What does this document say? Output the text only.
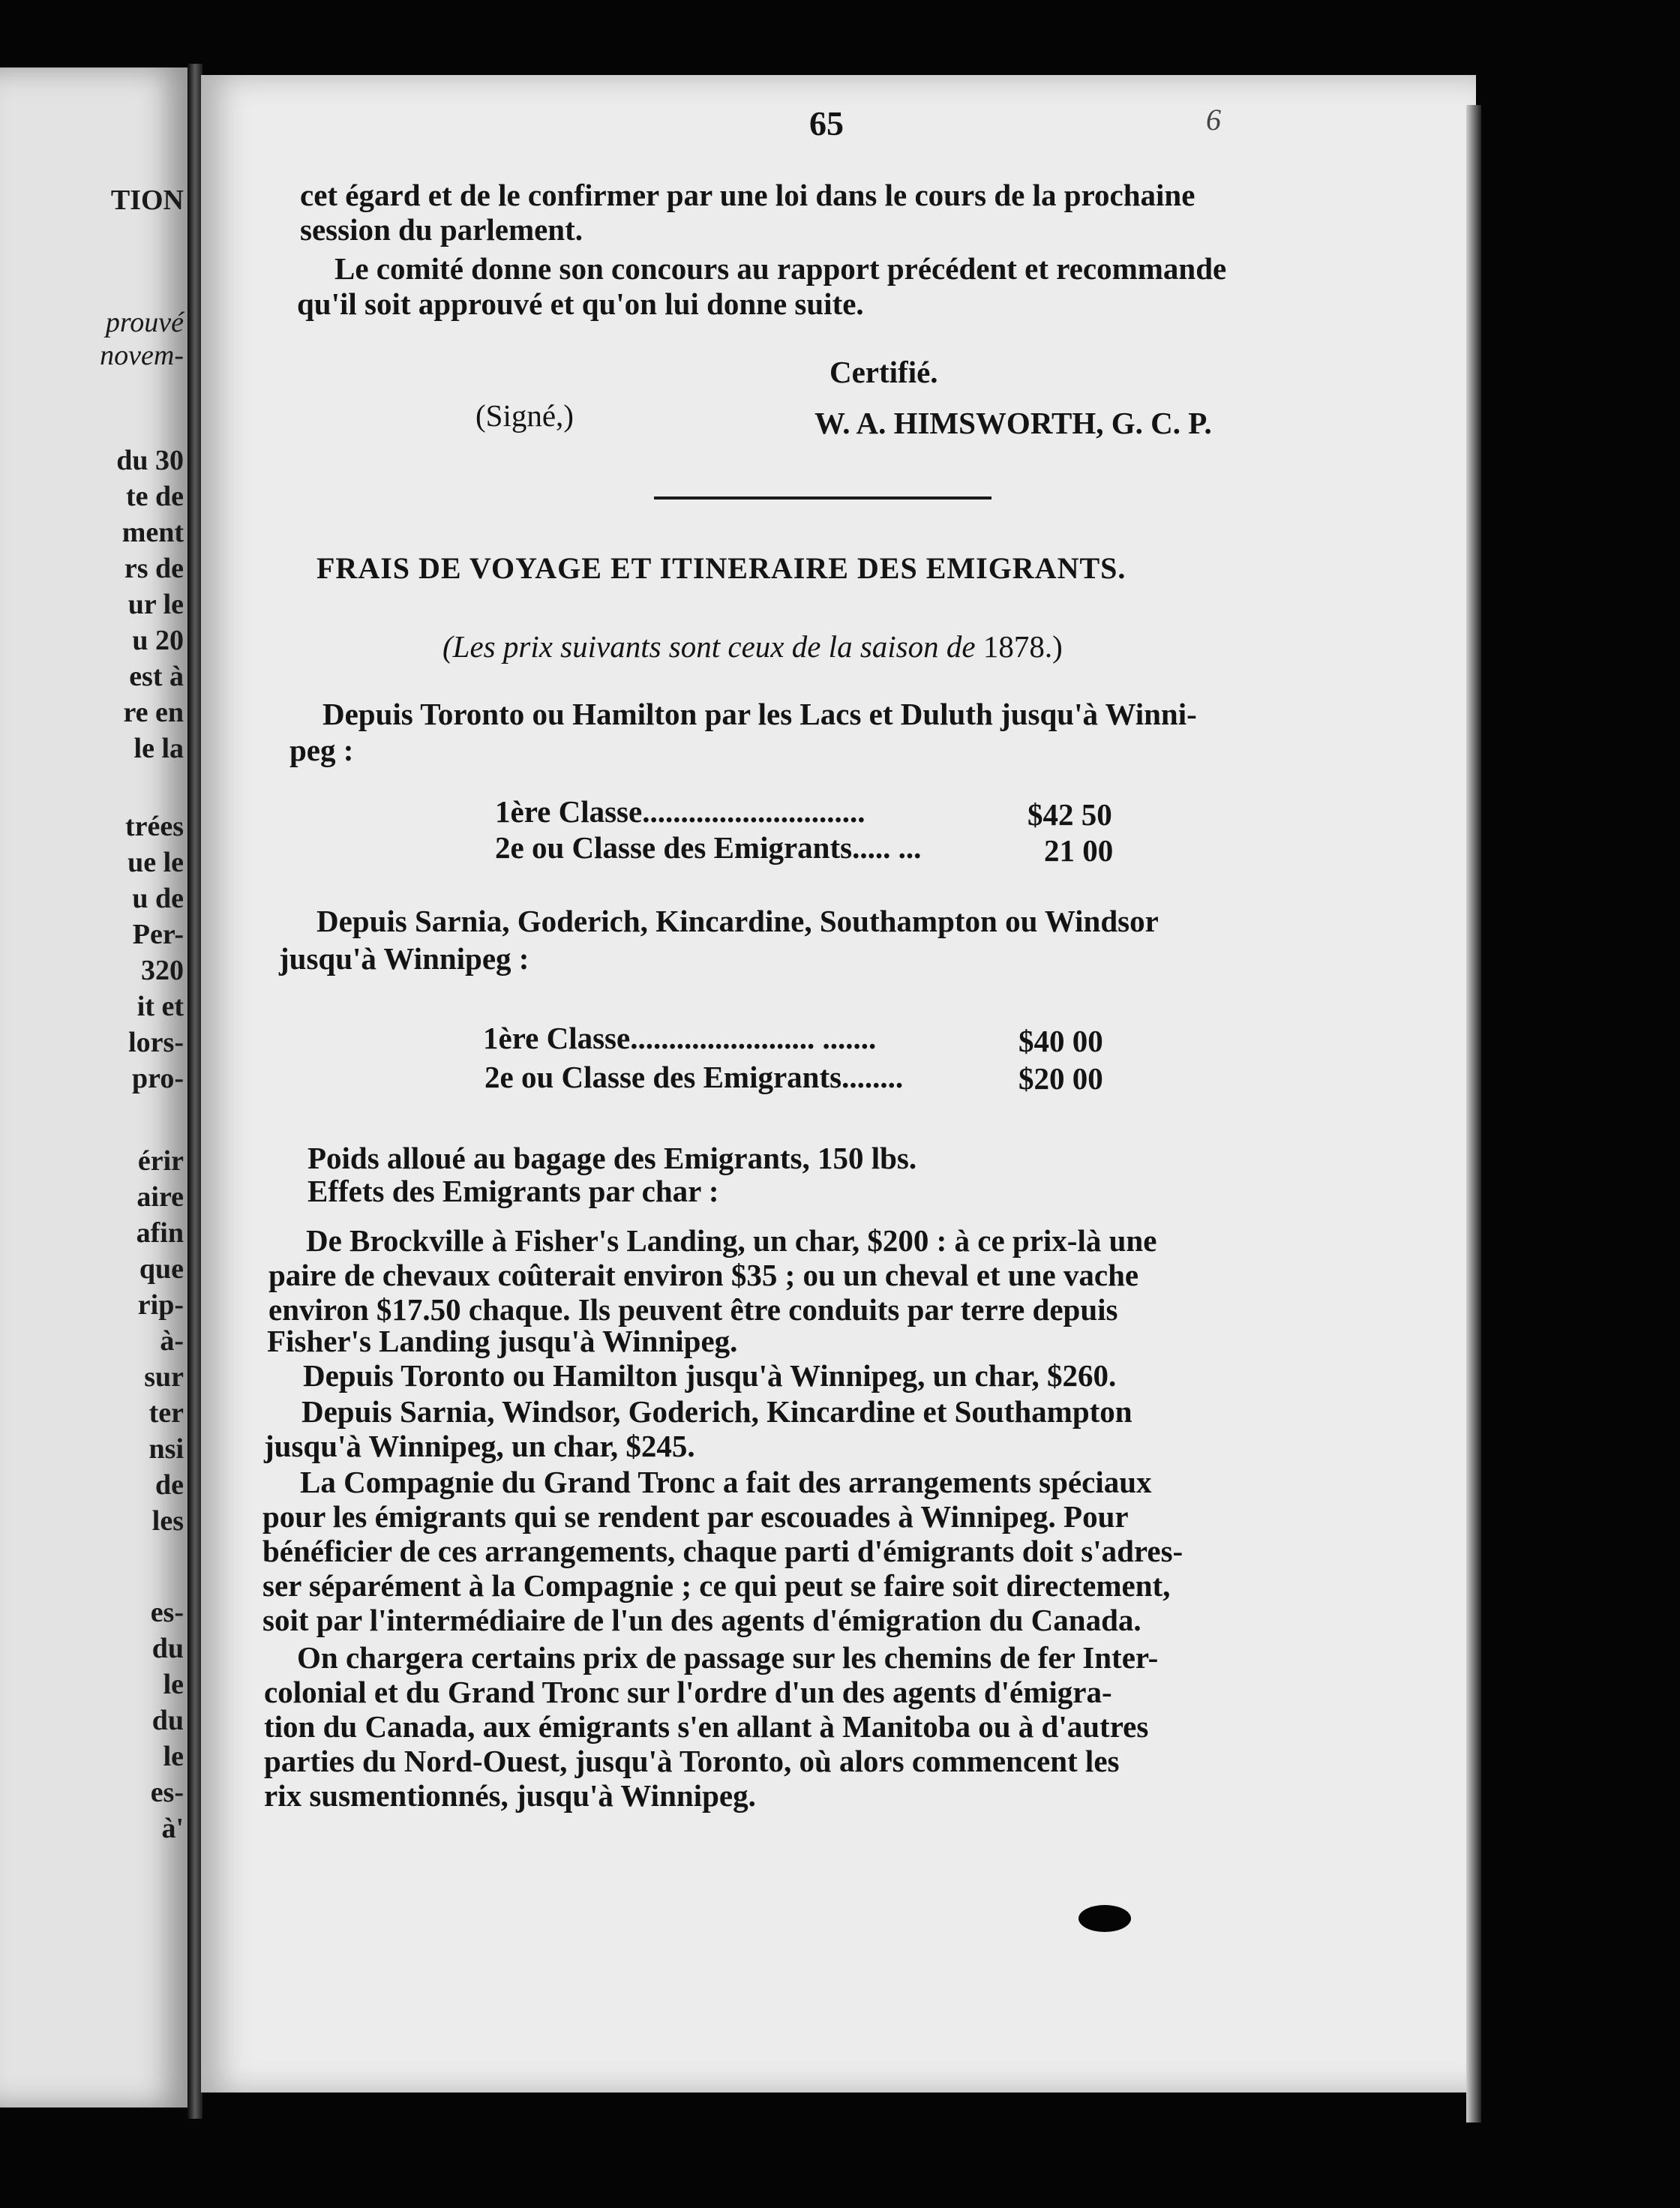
TION
prouvé
novem-
du 30
te de
ment
rs de
ur le
u 20
est à
re en
le la
trées
ue le
u de
Per-
320
it et
lors-
pro-
érir
aire
afin
que
rip-
à-
sur
ter
nsi
de
les
es-
du
le
du
le
es-
à'
65	6
cet égard et de le confirmer par une loi dans le cours de la prochaine
session du parlement.
Le comité donne son concours au rapport précédent et recommande
qu'il soit approuvé et qu'on lui donne suite.
Certifié.
(Signé,)	W. A. HIMSWORTH, G. C. P.
FRAIS DE VOYAGE ET ITINERAIRE DES EMIGRANTS.
(Les prix suivants sont ceux de la saison de 1878.)
Depuis Toronto ou Hamilton par les Lacs et Duluth jusqu'à Winni-
peg :
1ère Classe.............................	$42 50
2e ou Classe des Emigrants..... ...	21 00
Depuis Sarnia, Goderich, Kincardine, Southampton ou Windsor
jusqu'à Winnipeg :
1ère Classe........................ .......	$40 00
2e ou Classe des Emigrants........	$20 00
Poids alloué au bagage des Emigrants, 150 lbs.
Effets des Emigrants par char :
De Brockville à Fisher's Landing, un char, $200 : à ce prix-là une
paire de chevaux coûterait environ $35 ; ou un cheval et une vache
environ $17.50 chaque. Ils peuvent être conduits par terre depuis
Fisher's Landing jusqu'à Winnipeg.
Depuis Toronto ou Hamilton jusqu'à Winnipeg, un char, $260.
Depuis Sarnia, Windsor, Goderich, Kincardine et Southampton
jusqu'à Winnipeg, un char, $245.
La Compagnie du Grand Tronc a fait des arrangements spéciaux
pour les émigrants qui se rendent par escouades à Winnipeg. Pour
bénéficier de ces arrangements, chaque parti d'émigrants doit s'adres-
ser séparément à la Compagnie ; ce qui peut se faire soit directement,
soit par l'intermédiaire de l'un des agents d'émigration du Canada.
On chargera certains prix de passage sur les chemins de fer Inter-
colonial et du Grand Tronc sur l'ordre d'un des agents d'émigra-
tion du Canada, aux émigrants s'en allant à Manitoba ou à d'autres
parties du Nord-Ouest, jusqu'à Toronto, où alors commencent les
rix susmentionnés, jusqu'à Winnipeg.
